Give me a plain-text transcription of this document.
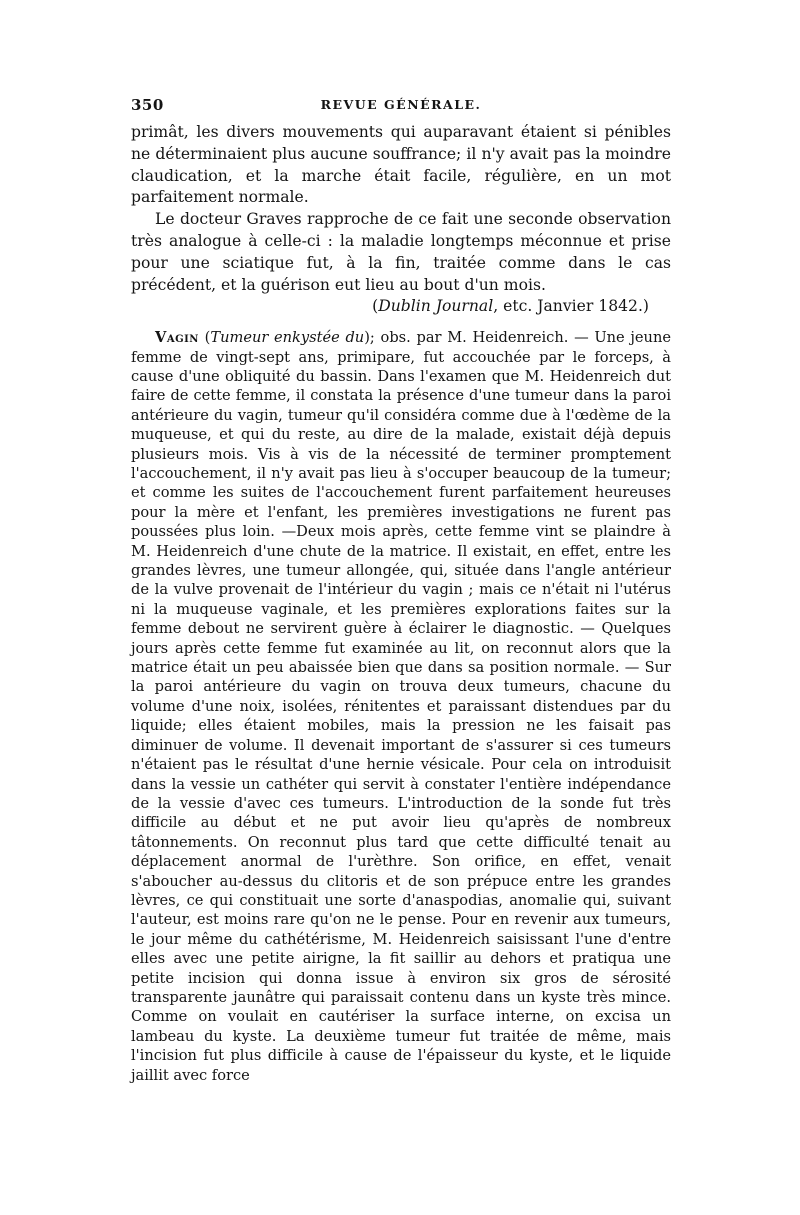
350	REVUE GÉNÉRALE.

primât, les divers mouvements qui auparavant étaient si pénibles ne déterminaient plus aucune souffrance; il n'y avait pas la moindre claudication, et la marche était facile, régulière, en un mot parfaitement normale.

Le docteur Graves rapproche de ce fait une seconde observation très analogue à celle-ci : la maladie longtemps méconnue et prise pour une sciatique fut, à la fin, traitée comme dans le cas précédent, et la guérison eut lieu au bout d'un mois.

(Dublin Journal, etc. Janvier 1842.)

Vagin (Tumeur enkystée du); obs. par M. Heidenreich. — Une jeune femme de vingt-sept ans, primipare, fut accouchée par le forceps, à cause d'une obliquité du bassin. Dans l'examen que M. Heidenreich dut faire de cette femme, il constata la présence d'une tumeur dans la paroi antérieure du vagin, tumeur qu'il considéra comme due à l'œdème de la muqueuse, et qui du reste, au dire de la malade, existait déjà depuis plusieurs mois. Vis à vis de la nécessité de terminer promptement l'accouchement, il n'y avait pas lieu à s'occuper beaucoup de la tumeur; et comme les suites de l'accouchement furent parfaitement heureuses pour la mère et l'enfant, les premières investigations ne furent pas poussées plus loin. —Deux mois après, cette femme vint se plaindre à M. Heidenreich d'une chute de la matrice. Il existait, en effet, entre les grandes lèvres, une tumeur allongée, qui, située dans l'angle antérieur de la vulve provenait de l'intérieur du vagin ; mais ce n'était ni l'utérus ni la muqueuse vaginale, et les premières explorations faites sur la femme debout ne servirent guère à éclairer le diagnostic. — Quelques jours après cette femme fut examinée au lit, on reconnut alors que la matrice était un peu abaissée bien que dans sa position normale. — Sur la paroi antérieure du vagin on trouva deux tumeurs, chacune du volume d'une noix, isolées, rénitentes et paraissant distendues par du liquide; elles étaient mobiles, mais la pression ne les faisait pas diminuer de volume. Il devenait important de s'assurer si ces tumeurs n'étaient pas le résultat d'une hernie vésicale. Pour cela on introduisit dans la vessie un cathéter qui servit à constater l'entière indépendance de la vessie d'avec ces tumeurs. L'introduction de la sonde fut très difficile au début et ne put avoir lieu qu'après de nombreux tâtonnements. On reconnut plus tard que cette difficulté tenait au déplacement anormal de l'urèthre. Son orifice, en effet, venait s'aboucher au-dessus du clitoris et de son prépuce entre les grandes lèvres, ce qui constituait une sorte d'anaspodias, anomalie qui, suivant l'auteur, est moins rare qu'on ne le pense. Pour en revenir aux tumeurs, le jour même du cathétérisme, M. Heidenreich saisissant l'une d'entre elles avec une petite airigne, la fit saillir au dehors et pratiqua une petite incision qui donna issue à environ six gros de sérosité transparente jaunâtre qui paraissait contenu dans un kyste très mince. Comme on voulait en cautériser la surface interne, on excisa un lambeau du kyste. La deuxième tumeur fut traitée de même, mais l'incision fut plus difficile à cause de l'épaisseur du kyste, et le liquide jaillit avec force
